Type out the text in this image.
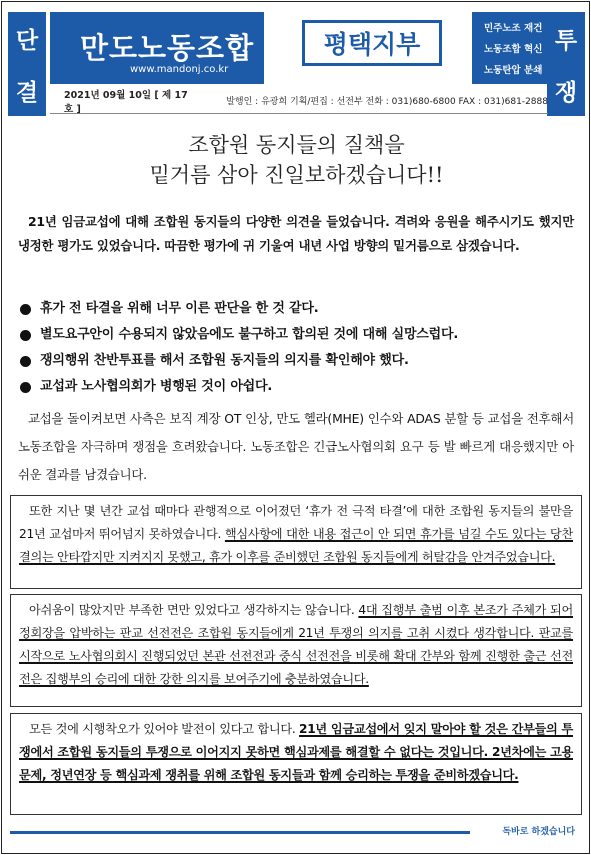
단
결
만도노동조합
www.mandonj.co.kr
평택지부
민주노조 재건
노동조합 혁신
노동탄압 분쇄
투
쟁
2021년 09월 10일 [ 제 17 호 ]
발행인 : 유광희 기획/편집 : 선전부 전화 : 031)680-6800 FAX : 031)681-2888
조합원 동지들의 질책을
밑거름 삼아 진일보하겠습니다!!

21년 임금교섭에 대해 조합원 동지들의 다양한 의견을 들었습니다. 격려와 응원을 해주시기도 했지만 냉정한 평가도 있었습니다. 따끔한 평가에 귀 기울여 내년 사업 방향의 밑거름으로 삼겠습니다.

휴가 전 타결을 위해 너무 이른 판단을 한 것 같다.
별도요구안이 수용되지 않았음에도 불구하고 합의된 것에 대해 실망스럽다.
쟁의행위 찬반투표를 해서 조합원 동지들의 의지를 확인해야 했다.
교섭과 노사협의회가 병행된 것이 아쉽다.

교섭을 돌이켜보면 사측은 보직 계장 OT 인상, 만도 헬라(MHE) 인수와 ADAS 분할 등 교섭을 전후해서 노동조합을 자극하며 쟁점을 흐려왔습니다. 노동조합은 긴급노사협의회 요구 등 발 빠르게 대응했지만 아쉬운 결과를 남겼습니다.

또한 지난 몇 년간 교섭 때마다 관행적으로 이어졌던 ‘휴가 전 극적 타결’에 대한 조합원 동지들의 불만을 21년 교섭마저 뛰어넘지 못하였습니다. 핵심사항에 대한 내용 접근이 안 되면 휴가를 넘길 수도 있다는 당찬 결의는 안타깝지만 지켜지지 못했고, 휴가 이후를 준비했던 조합원 동지들에게 허탈감을 안겨주었습니다.

아쉬움이 많았지만 부족한 면만 있었다고 생각하지는 않습니다. 4대 집행부 출범 이후 본조가 주체가 되어 정회장을 압박하는 판교 선전전은 조합원 동지들에게 21년 투쟁의 의지를 고취 시켰다 생각합니다. 판교를 시작으로 노사협의회시 진행되었던 본관 선전전과 중식 선전전을 비롯해 확대 간부와 함께 진행한 출근 선전전은 집행부의 승리에 대한 강한 의지를 보여주기에 충분하였습니다.

모든 것에 시행착오가 있어야 발전이 있다고 합니다. 21년 임금교섭에서 잊지 말아야 할 것은 간부들의 투쟁에서 조합원 동지들의 투쟁으로 이어지지 못하면 핵심과제를 해결할 수 없다는 것입니다. 2년차에는 고용문제, 정년연장 등 핵심과제 쟁취를 위해 조합원 동지들과 함께 승리하는 투쟁을 준비하겠습니다.

독바로 하겠습니다
